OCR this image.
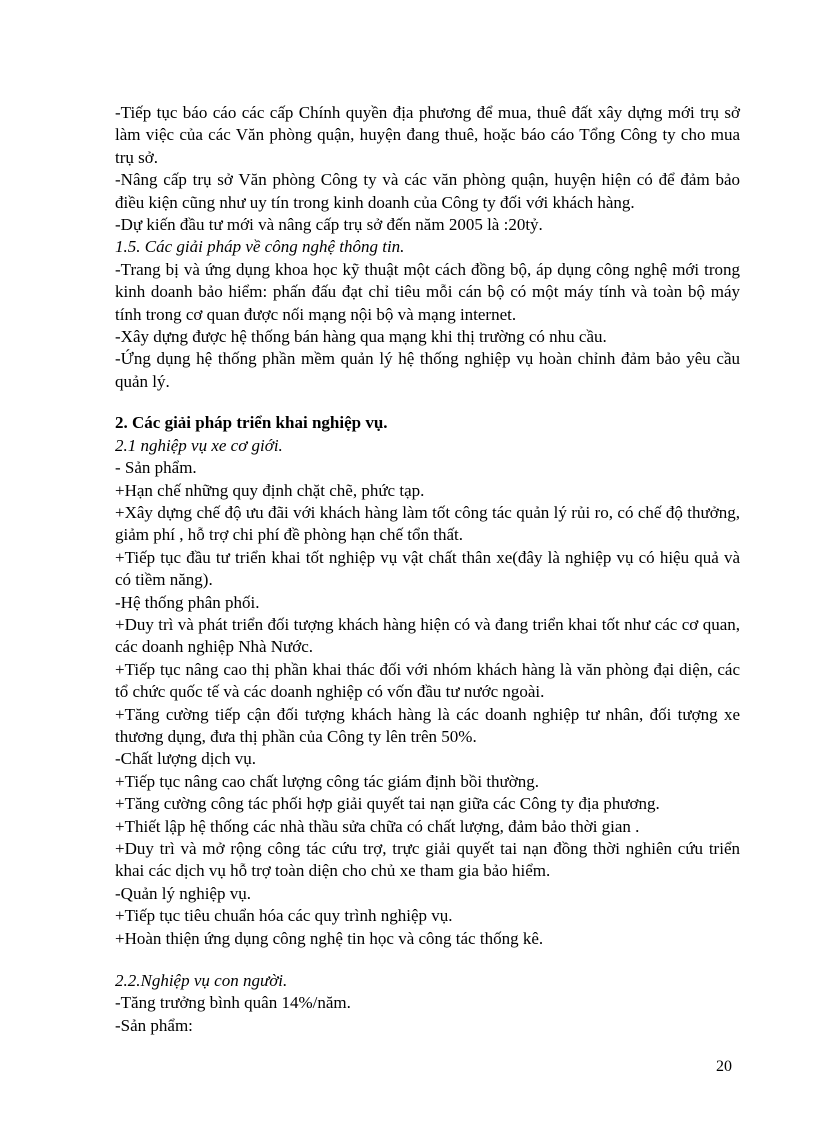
-Tiếp tục báo cáo các cấp Chính quyền địa phương để mua, thuê đất xây dựng mới trụ sở làm việc của các Văn phòng quận, huyện đang thuê, hoặc báo cáo Tổng Công ty cho mua trụ sở.

-Nâng cấp trụ sở Văn phòng Công ty và các văn phòng quận, huyện hiện có để đảm bảo điều kiện cũng như uy tín trong kinh doanh của Công ty đối với khách hàng.

-Dự kiến đầu tư mới và nâng cấp trụ sở đến năm 2005 là :20tỷ.

1.5. Các giải pháp về công nghệ thông tin.

-Trang bị và ứng dụng khoa học kỹ thuật một cách đồng bộ, áp dụng công nghệ mới trong kinh doanh bảo hiểm: phấn đấu đạt chỉ tiêu mỗi cán bộ có một máy tính và toàn bộ máy tính trong cơ quan được nối mạng nội bộ và mạng internet.

-Xây dựng được hệ thống bán hàng qua mạng khi thị trường có nhu cầu.

-Ứng dụng hệ thống phần mềm quản lý hệ thống nghiệp vụ hoàn chỉnh đảm bảo yêu cầu quản lý.

2. Các giải pháp triển khai nghiệp vụ.

2.1 nghiệp vụ xe cơ giới.

- Sản phẩm.

+Hạn chế những quy định chặt chẽ, phức tạp.

+Xây dựng chế độ ưu đãi với khách hàng làm tốt công tác quản lý rủi ro, có chế độ thưởng, giảm phí , hỗ trợ chi phí đề phòng hạn chế tổn thất.

+Tiếp tục đầu tư triển khai tốt nghiệp vụ vật chất thân xe(đây là nghiệp vụ có hiệu quả và có tiềm năng).

-Hệ thống phân phối.

+Duy trì và phát triển đối tượng khách hàng hiện có và đang triển khai tốt như các cơ quan, các doanh nghiệp Nhà Nước.

+Tiếp tục nâng cao thị phần khai thác đối với nhóm khách hàng là văn phòng đại diện, các tổ chức quốc tế và các doanh nghiệp có vốn đầu tư nước ngoài.

+Tăng cường tiếp cận đối tượng khách hàng là các doanh nghiệp tư nhân, đối tượng xe thương dụng, đưa thị phần của Công ty lên trên 50%.

-Chất lượng dịch vụ.

+Tiếp tục nâng cao chất lượng công tác giám định bồi thường.

+Tăng cường công tác phối hợp giải quyết tai nạn giữa các Công ty địa phương.

+Thiết lập hệ thống các nhà thầu sửa chữa có chất lượng, đảm bảo thời gian .

+Duy trì và mở rộng công tác cứu trợ, trực giải quyết tai nạn đồng thời nghiên cứu triển khai các dịch vụ hỗ trợ toàn diện cho chủ xe tham gia bảo hiểm.

-Quản lý nghiệp vụ.

+Tiếp tục tiêu chuẩn hóa các quy trình nghiệp vụ.

+Hoàn thiện ứng dụng công nghệ tin học và công tác thống kê.

2.2.Nghiệp vụ con người.

-Tăng trưởng bình quân 14%/năm.

-Sản phẩm:

20
